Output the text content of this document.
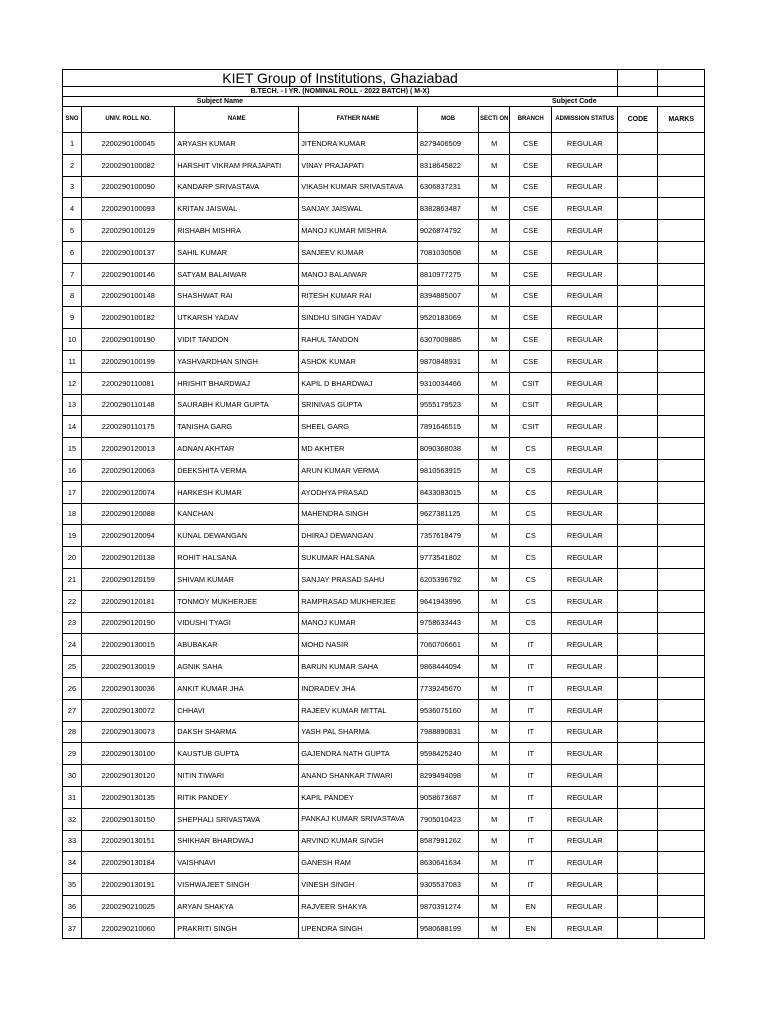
KIET Group of Institutions, Ghaziabad									
B.TECH. - I YR. (NOMINAL ROLL - 2022 BATCH) ( M-X)									
		Subject Name					Subject Code		
SNO	UNIV. ROLL NO.	NAME	FATHER NAME	MOB	SECTI ON	BRANCH	ADMISSION STATUS	CODE	MARKS
1	2200290100045	ARYASH KUMAR	JITENDRA KUMAR	8279406509	M	CSE	REGULAR		
2	2200290100082	HARSHIT VIKRAM PRAJAPATI	VINAY PRAJAPATI	8318645822	M	CSE	REGULAR		
3	2200290100090	KANDARP SRIVASTAVA	VIKASH KUMAR SRIVASTAVA	6306837231	M	CSE	REGULAR		
4	2200290100093	KRITAN JAISWAL	SANJAY JAISWAL	8382863487	M	CSE	REGULAR		
5	2200290100129	RISHABH MISHRA	MANOJ KUMAR MISHRA	9026874792	M	CSE	REGULAR		
6	2200290100137	SAHIL KUMAR	SANJEEV KUMAR	7081030508	M	CSE	REGULAR		
7	2200290100146	SATYAM BALAIWAR	MANOJ BALAIWAR	8810977275	M	CSE	REGULAR		
8	2200290100148	SHASHWAT RAI	RITESH KUMAR RAI	8394885007	M	CSE	REGULAR		
9	2200290100182	UTKARSH YADAV	SINDHU SINGH YADAV	9520183069	M	CSE	REGULAR		
10	2200290100190	VIDIT TANDON	RAHUL TANDON	6307009885	M	CSE	REGULAR		
11	2200290100199	YASHVARDHAN SINGH	ASHOK KUMAR	9870848931	M	CSE	REGULAR		
12	2200290110081	HRISHIT BHARDWAJ	KAPIL D BHARDWAJ	9310034466	M	CSIT	REGULAR		
13	2200290110148	SAURABH KUMAR GUPTA	SRINIVAS GUPTA	9555179523	M	CSIT	REGULAR		
14	2200290110175	TANISHA GARG	SHEEL GARG	7891646515	M	CSIT	REGULAR		
15	2200290120013	ADNAN AKHTAR	MD AKHTER	8090368038	M	CS	REGULAR		
16	2200290120063	DEEKSHITA VERMA	ARUN KUMAR VERMA	9810563915	M	CS	REGULAR		
17	2200290120074	HARKESH KUMAR	AYODHYA PRASAD	8433083015	M	CS	REGULAR		
18	2200290120088	KANCHAN	MAHENDRA SINGH	9627381125	M	CS	REGULAR		
19	2200290120094	KUNAL DEWANGAN	DHIRAJ DEWANGAN	7357618479	M	CS	REGULAR		
20	2200290120138	ROHIT HALSANA	SUKUMAR HALSANA	9773541802	M	CS	REGULAR		
21	2200290120159	SHIVAM KUMAR	SANJAY PRASAD SAHU	6205396792	M	CS	REGULAR		
22	2200290120181	TONMOY MUKHERJEE	RAMPRASAD MUKHERJEE	9641943996	M	CS	REGULAR		
23	2200290120190	VIDUSHI TYAGI	MANOJ KUMAR	9758633443	M	CS	REGULAR		
24	2200290130015	ABUBAKAR	MOHD NASIR	7060706661	M	IT	REGULAR		
25	2200290130019	AGNIK SAHA	BARUN KUMAR SAHA	9868444094	M	IT	REGULAR		
26	2200290130036	ANKIT KUMAR JHA	INDRADEV JHA	7739245670	M	IT	REGULAR		
27	2200290130072	CHHAVI	RAJEEV KUMAR MITTAL	9536075160	M	IT	REGULAR		
28	2200290130073	DAKSH SHARMA	YASH PAL SHARMA	7988890831	M	IT	REGULAR		
29	2200290130100	KAUSTUB GUPTA	GAJENDRA NATH GUPTA	9598425240	M	IT	REGULAR		
30	2200290130120	NITIN TIWARI	ANAND SHANKAR TIWARI	8299494098	M	IT	REGULAR		
31	2200290130135	RITIK PANDEY	KAPIL PANDEY	9058673687	M	IT	REGULAR		
32	2200290130150	SHEPHALI SRIVASTAVA	PANKAJ KUMAR SRIVASTAVA	7905010423	M	IT	REGULAR		
33	2200290130151	SHIKHAR BHARDWAJ	ARVIND KUMAR SINGH	8587991262	M	IT	REGULAR		
34	2200290130184	VAISHNAVI	GANESH RAM	8630641634	M	IT	REGULAR		
35	2200290130191	VISHWAJEET SINGH	VINESH SINGH	9305537083	M	IT	REGULAR		
36	2200290210025	ARYAN SHAKYA	RAJVEER SHAKYA	9870391274	M	EN	REGULAR		
37	2200290210060	PRAKRITI SINGH	UPENDRA SINGH	9580688199	M	EN	REGULAR		
